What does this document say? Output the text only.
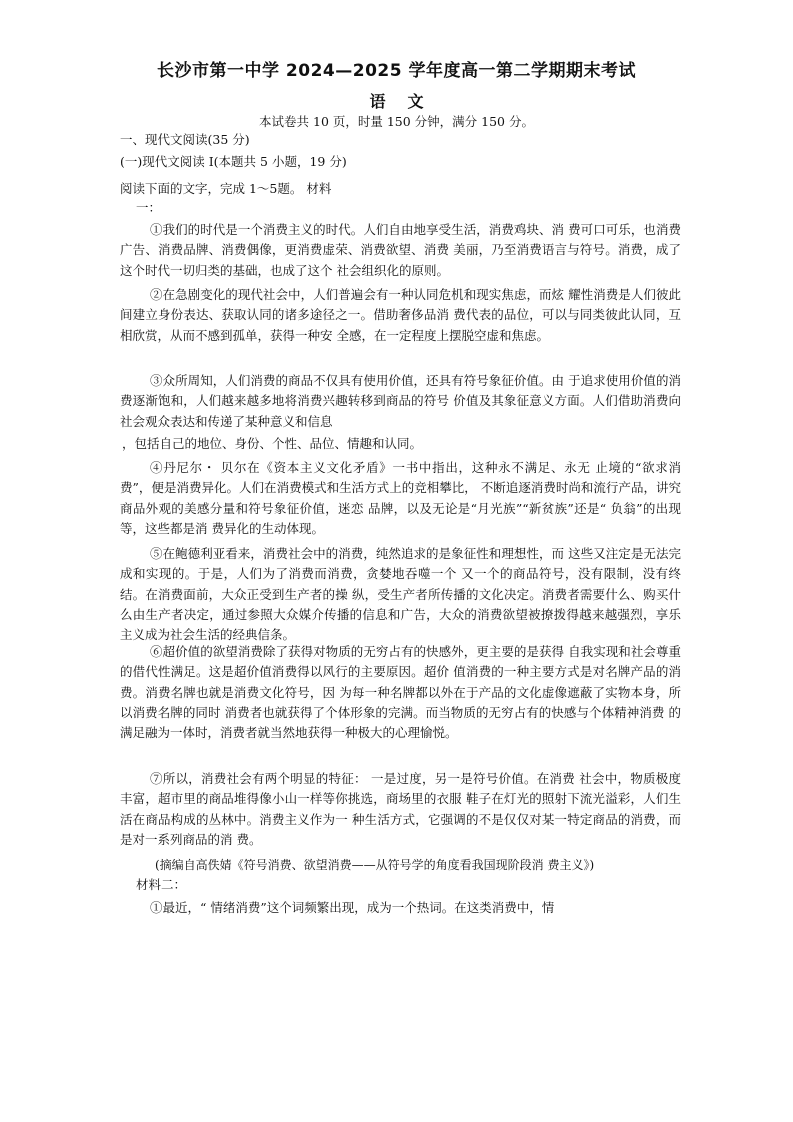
长沙市第一中学 2024—2025 学年度高一第二学期期末考试
语文
本试卷共 10 页，时量 150 分钟，满分 150 分。
一、现代文阅读(35 分)
(一)现代文阅读 I(本题共 5 小题，19 分)
阅读下面的文字，完成 1～5题。 材料
一：

①我们的时代是一个消费主义的时代。人们自由地享受生活，消费鸡块、消 费可口可乐，也消费广告、消费品牌、消费偶像，更消费虚荣、消费欲望、消费 美丽，乃至消费语言与符号。消费，成了这个时代一切归类的基础，也成了这个 社会组织化的原则。

②在急剧变化的现代社会中，人们普遍会有一种认同危机和现实焦虑，而炫 耀性消费是人们彼此间建立身份表达、获取认同的诸多途径之一。借助奢侈品消 费代表的品位，可以与同类彼此认同，互相欣赏，从而不感到孤单，获得一种安 全感，在一定程度上摆脱空虚和焦虑。

③众所周知，人们消费的商品不仅具有使用价值，还具有符号象征价值。由 于追求使用价值的消费逐渐饱和，人们越来越多地将消费兴趣转移到商品的符号 价值及其象征意义方面。人们借助消费向社会观众表达和传递了某种意义和信息

，包括自己的地位、身份、个性、品位、情趣和认同。

④丹尼尔・ 贝尔在《资本主义文化矛盾》一书中指出，这种永不满足、永无 止境的“欲求消费”，便是消费异化。人们在消费模式和生活方式上的竞相攀比， 不断追逐消费时尚和流行产品，讲究商品外观的美感分量和符号象征价值，迷恋 品牌，以及无论是“月光族”“新贫族”还是“ 负翁”的出现等，这些都是消 费异化的生动体现。

⑤在鲍德利亚看来，消费社会中的消费，纯然追求的是象征性和理想性，而 这些又注定是无法完成和实现的。于是，人们为了消费而消费，贪婪地吞噬一个 又一个的商品符号，没有限制，没有终结。在消费面前，大众正受到生产者的操 纵，受生产者所传播的文化决定。消费者需要什么、购买什么由生产者决定，通过参照大众媒介传播的信息和广告，大众的消费欲望被撩拨得越来越强烈，享乐 主义成为社会生活的经典信条。

⑥超价值的欲望消费除了获得对物质的无穷占有的快感外，更主要的是获得 自我实现和社会尊重的借代性满足。这是超价值消费得以风行的主要原因。超价 值消费的一种主要方式是对名牌产品的消费。消费名牌也就是消费文化符号，因 为每一种名牌都以外在于产品的文化虚像遮蔽了实物本身，所以消费名牌的同时 消费者也就获得了个体形象的完满。而当物质的无穷占有的快感与个体精神消费 的满足融为一体时，消费者就当然地获得一种极大的心理愉悦。

⑦所以，消费社会有两个明显的特征： 一是过度，另一是符号价值。在消费 社会中，物质极度丰富，超市里的商品堆得像小山一样等你挑选，商场里的衣服 鞋子在灯光的照射下流光溢彩，人们生活在商品构成的丛林中。消费主义作为一 种生活方式，它强调的不是仅仅对某一特定商品的消费，而是对一系列商品的消 费。

(摘编自高佚婧《符号消费、欲望消费——从符号学的角度看我国现阶段消 费主义》)
材料二：
①最近，“ 情绪消费”这个词频繁出现，成为一个热词。在这类消费中，情
